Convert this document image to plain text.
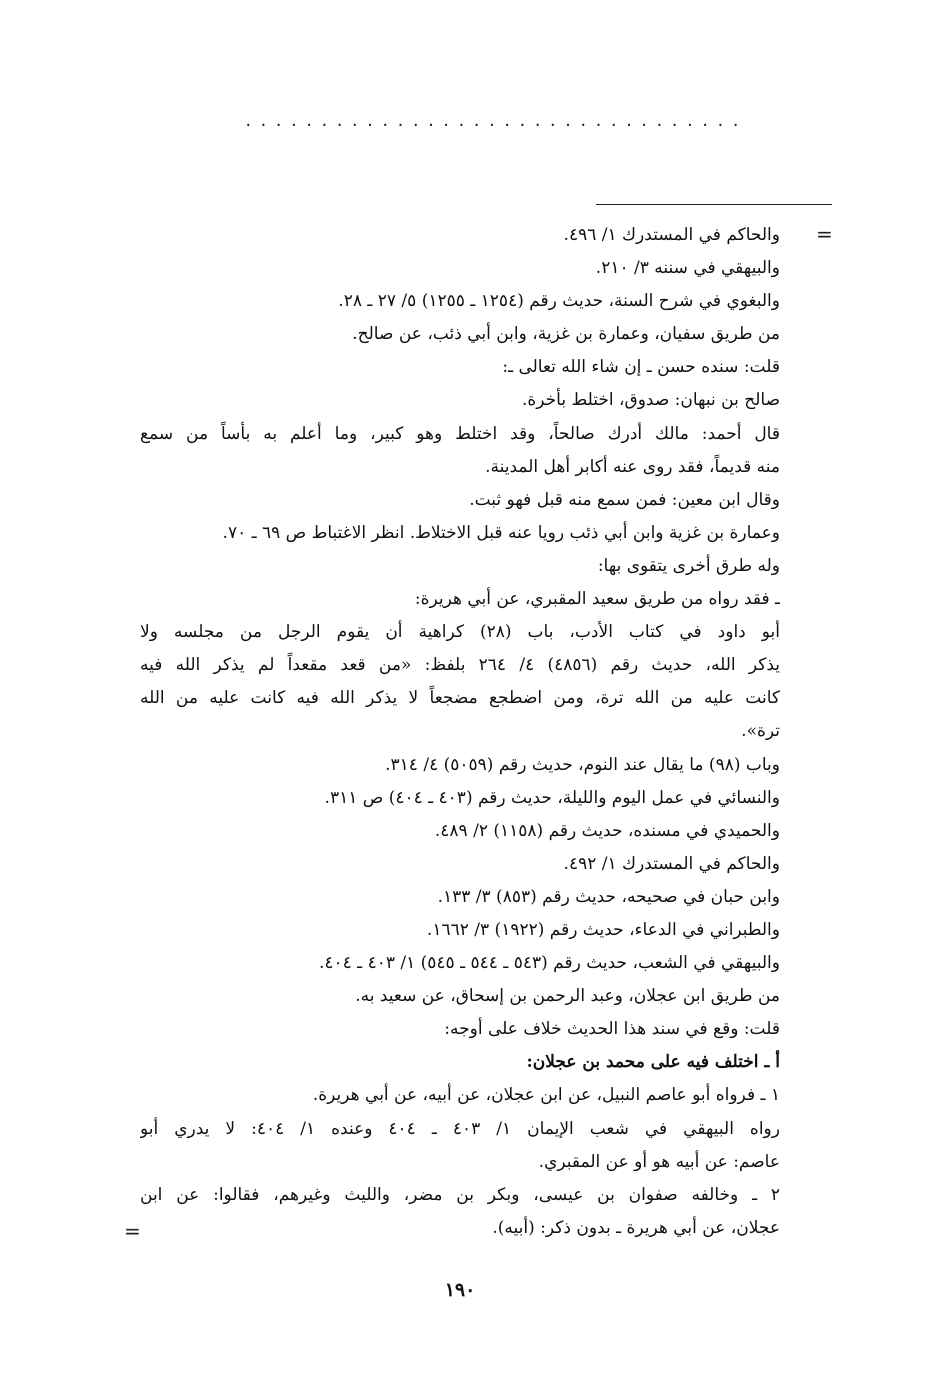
.................................
=
والحاكم في المستدرك ١/ ٤٩٦.
والبيهقي في سننه ٣/ ٢١٠.
والبغوي في شرح السنة، حديث رقم (١٢٥٤ ـ ١٢٥٥) ٥/ ٢٧ ـ ٢٨.
من طريق سفيان، وعمارة بن غزية، وابن أبي ذئب، عن صالح.
قلت: سنده حسن ـ إن شاء الله تعالى ـ:
صالح بن نبهان: صدوق، اختلط بأخرة.
قال أحمد: مالك أدرك صالحاً، وقد اختلط وهو كبير، وما أعلم به بأساً من سمع
منه قديماً، فقد روى عنه أكابر أهل المدينة.
وقال ابن معين: فمن سمع منه قبل فهو ثبت.
وعمارة بن غزية وابن أبي ذئب رويا عنه قبل الاختلاط. انظر الاغتباط ص ٦٩ ـ ٧٠.
وله طرق أخرى يتقوى بها:
ـ فقد رواه من طريق سعيد المقبري، عن أبي هريرة:
أبو داود في كتاب الأدب، باب (٢٨) كراهية أن يقوم الرجل من مجلسه ولا
يذكر الله، حديث رقم (٤٨٥٦) ٤/ ٢٦٤ بلفظ: «من قعد مقعداً لم يذكر الله فيه
كانت عليه من الله ترة، ومن اضطجع مضجعاً لا يذكر الله فيه كانت عليه من الله
ترة».
وباب (٩٨) ما يقال عند النوم، حديث رقم (٥٠٥٩) ٤/ ٣١٤.
والنسائي في عمل اليوم والليلة، حديث رقم (٤٠٣ ـ ٤٠٤) ص ٣١١.
والحميدي في مسنده، حديث رقم (١١٥٨) ٢/ ٤٨٩.
والحاكم في المستدرك ١/ ٤٩٢.
وابن حبان في صحيحه، حديث رقم (٨٥٣) ٣/ ١٣٣.
والطبراني في الدعاء، حديث رقم (١٩٢٢) ٣/ ١٦٦٢.
والبيهقي في الشعب، حديث رقم (٥٤٣ ـ ٥٤٤ ـ ٥٤٥) ١/ ٤٠٣ ـ ٤٠٤.
من طريق ابن عجلان، وعبد الرحمن بن إسحاق، عن سعيد به.
قلت: وقع في سند هذا الحديث خلاف على أوجه:
أ ـ اختلف فيه على محمد بن عجلان:
١ ـ فرواه أبو عاصم النبيل، عن ابن عجلان، عن أبيه، عن أبي هريرة.
رواه البيهقي في شعب الإيمان ١/ ٤٠٣ ـ ٤٠٤ وعنده ١/ ٤٠٤: لا يدري أبو
عاصم: عن أبيه هو أو عن المقبري.
٢ ـ وخالفه صفوان بن عيسى، وبكر بن مضر، والليث وغيرهم، فقالوا: عن ابن
عجلان، عن أبي هريرة ـ بدون ذكر: (أبيه).
=
١٩٠
